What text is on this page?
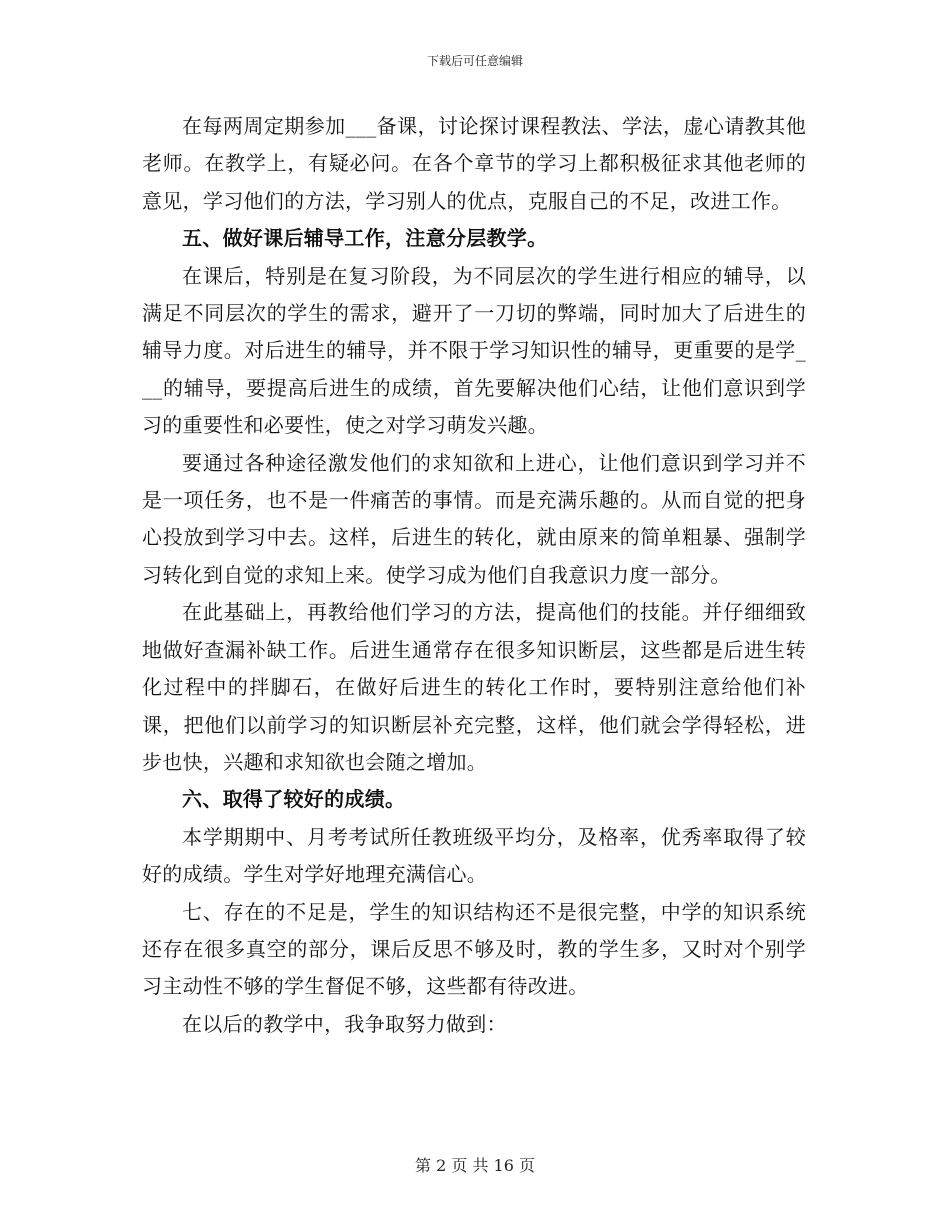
下载后可任意编辑

在每两周定期参加___备课，讨论探讨课程教法、学法，虚心请教其他老师。在教学上，有疑必问。在各个章节的学习上都积极征求其他老师的意见，学习他们的方法，学习别人的优点，克服自己的不足，改进工作。

五、做好课后辅导工作，注意分层教学。

在课后，特别是在复习阶段，为不同层次的学生进行相应的辅导，以满足不同层次的学生的需求，避开了一刀切的弊端，同时加大了后进生的辅导力度。对后进生的辅导，并不限于学习知识性的辅导，更重要的是学___的辅导，要提高后进生的成绩，首先要解决他们心结，让他们意识到学习的重要性和必要性，使之对学习萌发兴趣。

要通过各种途径激发他们的求知欲和上进心，让他们意识到学习并不是一项任务，也不是一件痛苦的事情。而是充满乐趣的。从而自觉的把身心投放到学习中去。这样，后进生的转化，就由原来的简单粗暴、强制学习转化到自觉的求知上来。使学习成为他们自我意识力度一部分。

在此基础上，再教给他们学习的方法，提高他们的技能。并仔细细致地做好查漏补缺工作。后进生通常存在很多知识断层，这些都是后进生转化过程中的拌脚石，在做好后进生的转化工作时，要特别注意给他们补课，把他们以前学习的知识断层补充完整，这样，他们就会学得轻松，进步也快，兴趣和求知欲也会随之增加。

六、取得了较好的成绩。

本学期期中、月考考试所任教班级平均分，及格率，优秀率取得了较好的成绩。学生对学好地理充满信心。

七、存在的不足是，学生的知识结构还不是很完整，中学的知识系统还存在很多真空的部分，课后反思不够及时，教的学生多，又时对个别学习主动性不够的学生督促不够，这些都有待改进。

在以后的教学中，我争取努力做到：

第 2 页 共 16 页
